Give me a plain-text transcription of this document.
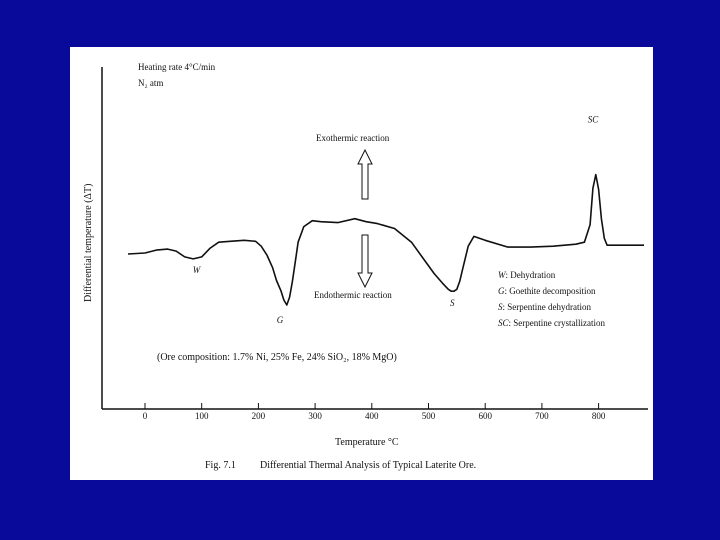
0	100	200	300	400	500	600	700	800
Heating rate 4°C/min
N₂ atm
Exothermic reaction
Endothermic reaction
W
G
S
SC
W: Dehydration
G: Goethite decomposition
S: Serpentine dehydration
SC: Serpentine crystallization
(Ore composition: 1.7% Ni, 25% Fe, 24% SiO₂, 18% MgO)
Temperature °C
Differential temperature (ΔT)
Fig. 7.1 Differential Thermal Analysis of Typical Laterite Ore.
